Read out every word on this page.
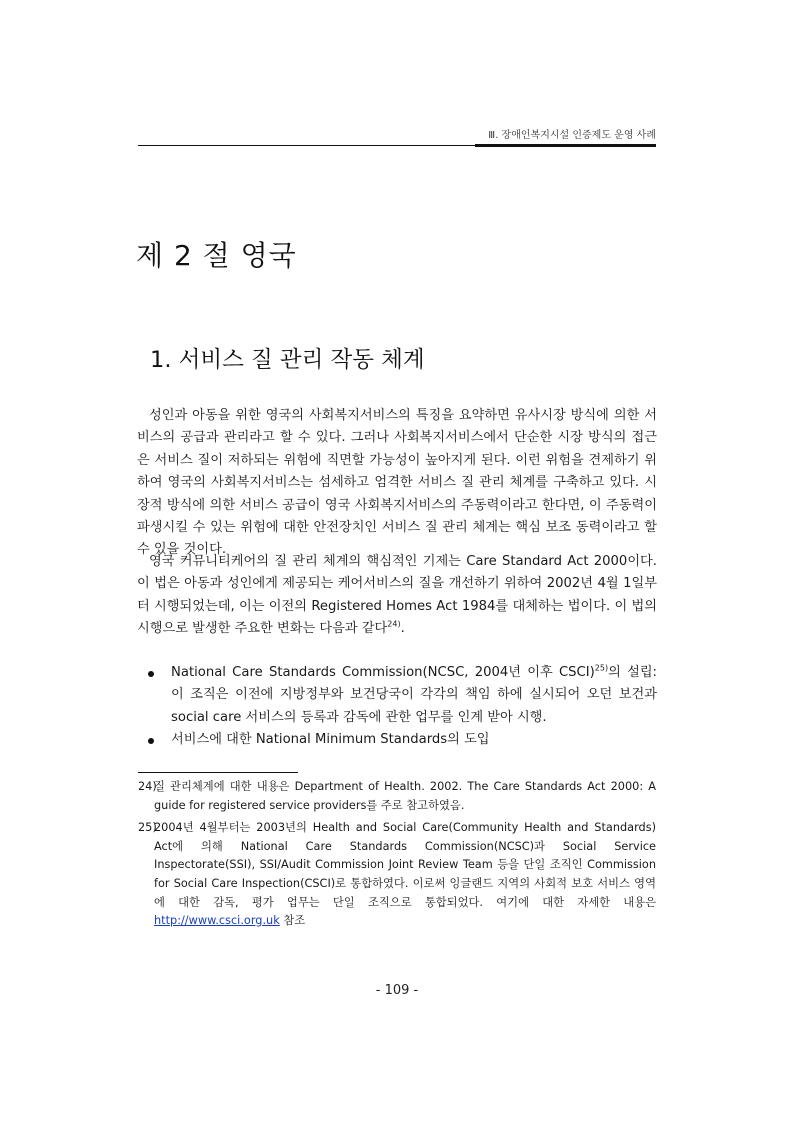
Ⅲ. 장애인복지시설 인증제도 운영 사례
제 2 절 영국
1. 서비스 질 관리 작동 체계

성인과 아동을 위한 영국의 사회복지서비스의 특징을 요약하면 유사시장 방식에 의한 서비스의 공급과 관리라고 할 수 있다. 그러나 사회복지서비스에서 단순한 시장 방식의 접근은 서비스 질이 저하되는 위험에 직면할 가능성이 높아지게 된다. 이런 위험을 견제하기 위하여 영국의 사회복지서비스는 섬세하고 엄격한 서비스 질 관리 체계를 구축하고 있다. 시장적 방식에 의한 서비스 공급이 영국 사회복지서비스의 주동력이라고 한다면, 이 주동력이 파생시킬 수 있는 위험에 대한 안전장치인 서비스 질 관리 체계는 핵심 보조 동력이라고 할 수 있을 것이다.

영국 커뮤니티케어의 질 관리 체계의 핵심적인 기제는 Care Standard Act 2000이다. 이 법은 아동과 성인에게 제공되는 케어서비스의 질을 개선하기 위하여 2002년 4월 1일부터 시행되었는데, 이는 이전의 Registered Homes Act 1984를 대체하는 법이다. 이 법의 시행으로 발생한 주요한 변화는 다음과 같다$^{24)}$.

National Care Standards Commission(NCSC, 2004년 이후 CSCI)$^{25)}$의 설립: 이 조직은 이전에 지방정부와 보건당국이 각각의 책임 하에 실시되어 오던 보건과 social care 서비스의 등록과 감독에 관한 업무를 인계 받아 시행.
서비스에 대한 National Minimum Standards의 도입
24)
질 관리체계에 대한 내용은 Department of Health. 2002. The Care Standards Act 2000: A guide for registered service providers를 주로 참고하였음.
25)
2004년 4월부터는 2003년의 Health and Social Care(Community Health and Standards) Act에 의해 National Care Standards Commission(NCSC)과 Social Service Inspectorate(SSI), SSI/Audit Commission Joint Review Team 등을 단일 조직인 Commission for Social Care Inspection(CSCI)로 통합하였다. 이로써 잉글랜드 지역의 사회적 보호 서비스 영역에 대한 감독, 평가 업무는 단일 조직으로 통합되었다. 여기에 대한 자세한 내용은 http://www.csci.org.uk 참조
- 109 -
